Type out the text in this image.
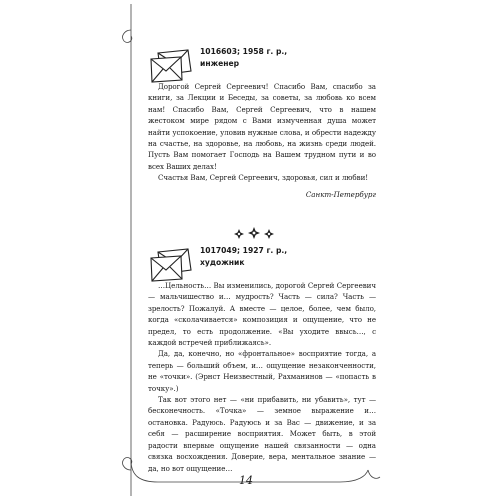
1016603; 1958 г. р.,
инженер

Дорогой Сергей Сергеевич! Спасибо Вам, спасибо за книги, за Лекции и Беседы, за советы, за любовь ко всем нам! Спасибо Вам, Сергей Сергеевич, что в нашем жестоком мире рядом с Вами измученная душа может найти успокоение, уловив нужные слова, и обрести надежду на счастье, на здоровье, на любовь, на жизнь среди людей. Пусть Вам помогает Господь на Вашем трудном пути и во всех Ваших делах!

Счастья Вам, Сергей Сергеевич, здоровья, сил и любви!

Санкт-Петербург
1017049; 1927 г. р.,
художник

…Цельность… Вы изменились, дорогой Сергей Сергеевич — мальчишество и… мудрость? Часть — сила? Часть — зрелость? Пожалуй. А вместе — целое, более, чем было, когда «сколачивается» композиция и ощущение, что не предел, то есть продолжение. «Вы уходите ввысь…, с каждой встречей приближаясь».

Да, да, конечно, но «фронтальное» восприятие тогда, а теперь — больший объем, и… ощущение незаконченности, не «точки». (Эрнст Неизвестный, Рахманинов — «попасть в точку».)

Так вот этого нет — «ни прибавить, ни убавить», тут — бесконечность. «Точка» — земное выражение и… остановка. Радуюсь. Радуюсь и за Вас — движение, и за себя — расширение восприятия. Может быть, в этой радости впервые ощущение нашей связанности — одна связка восхождения. Доверие, вера, ментальное знание — да, но вот ощущение…

14
